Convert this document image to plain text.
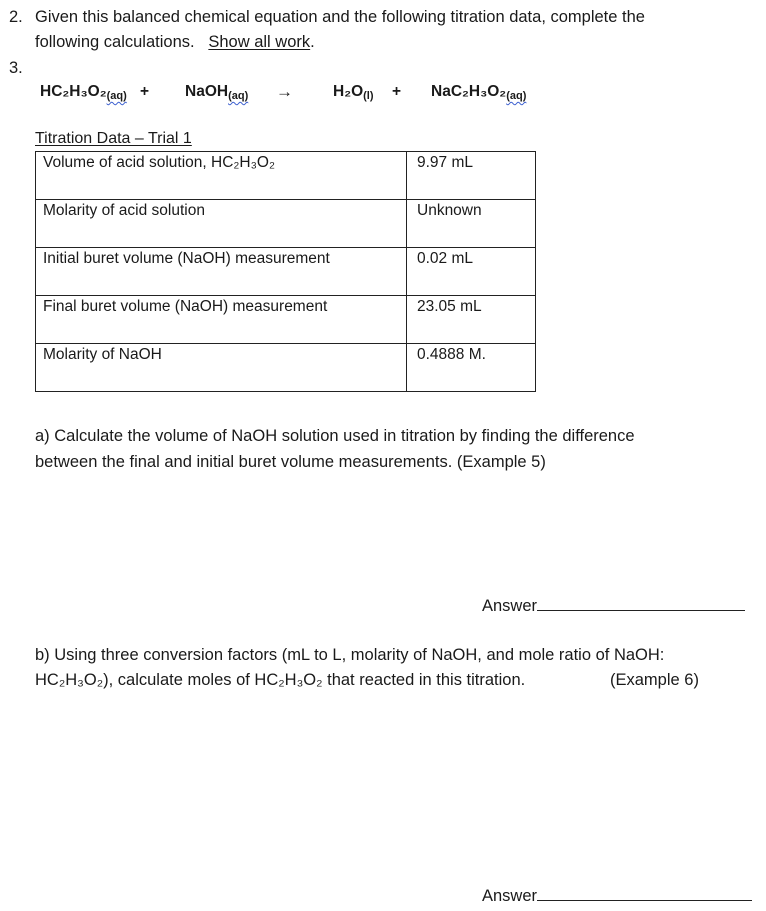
2. Given this balanced chemical equation and the following titration data, complete the
following calculations. Show all work.
3.
HC₂H₃O₂(aq) + NaOH(aq) →	H₂O(l) + NaC₂H₃O₂(aq)
Titration Data – Trial 1
Volume of acid solution, HC₂H₃O₂	9.97 mL
Molarity of acid solution	Unknown
Initial buret volume (NaOH) measurement	0.02 mL
Final buret volume (NaOH) measurement	23.05 mL
Molarity of NaOH	0.4888 M.
a) Calculate the volume of NaOH solution used in titration by finding the difference
between the final and initial buret volume measurements. (Example 5)
Answer
b) Using three conversion factors (mL to L, molarity of NaOH, and mole ratio of NaOH:
HC₂H₃O₂), calculate moles of HC₂H₃O₂ that reacted in this titration.	(Example 6)
Answer
